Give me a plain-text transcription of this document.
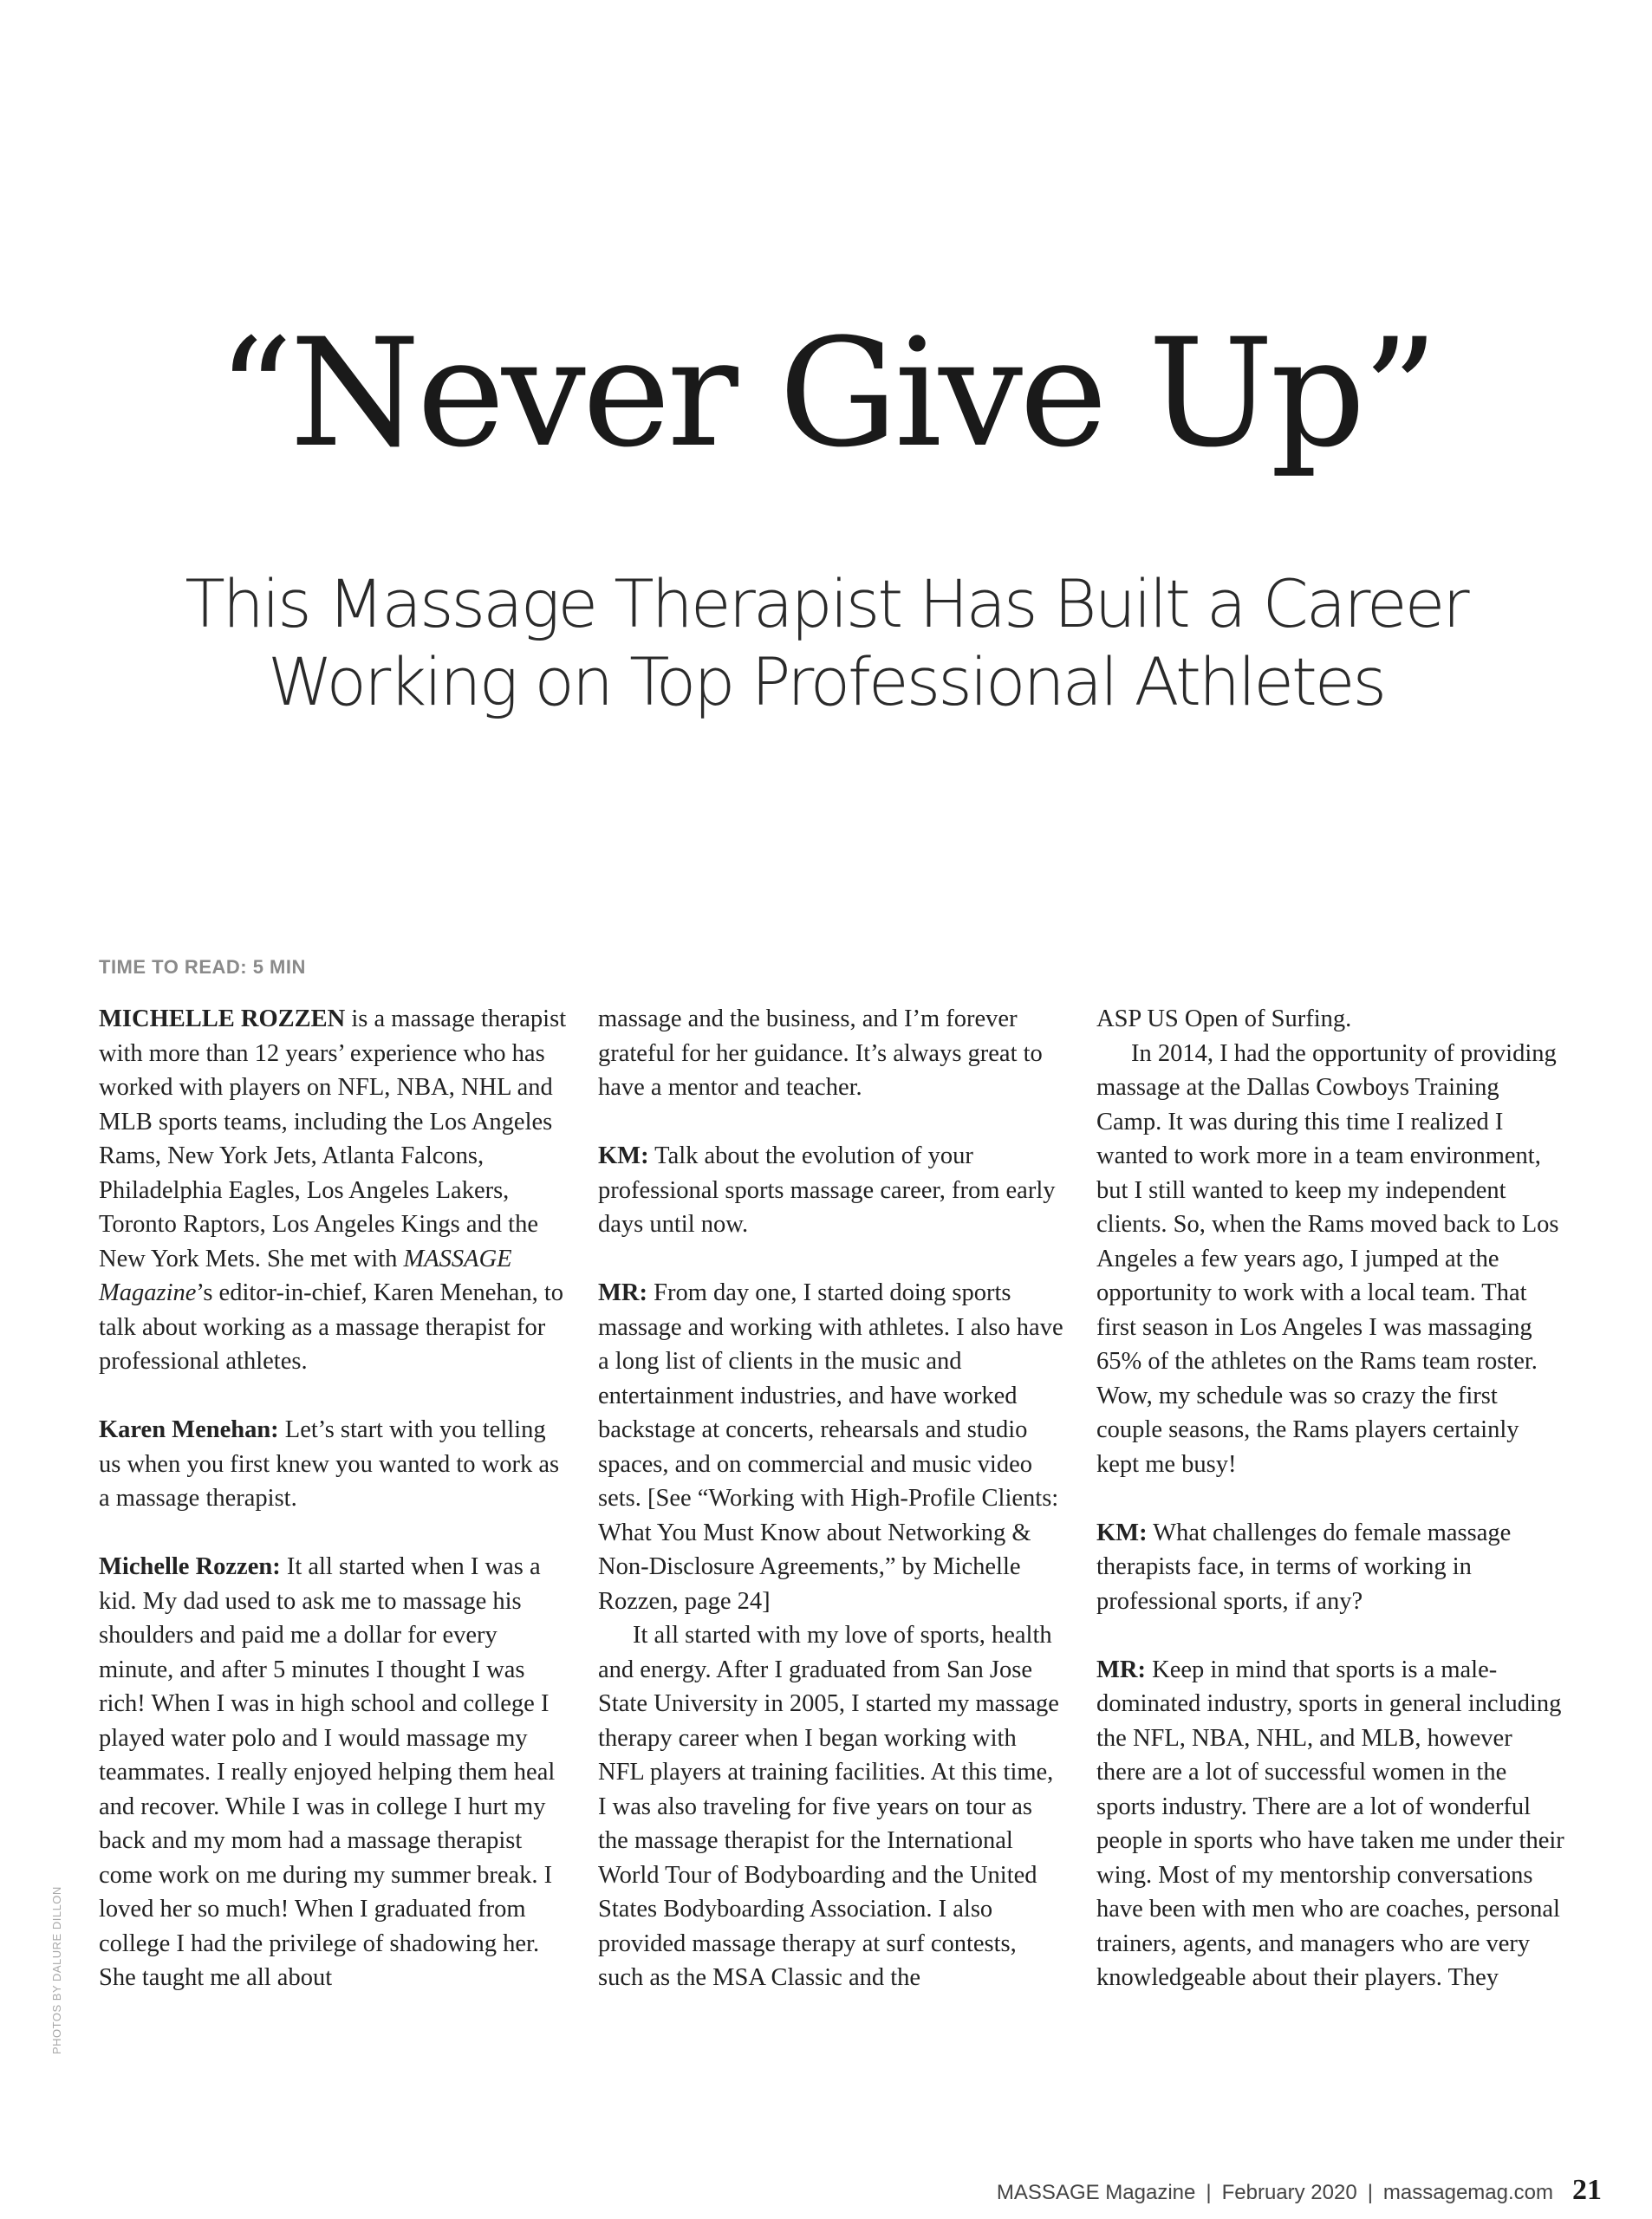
“Never Give Up”
This Massage Therapist Has Built a Career
Working on Top Professional Athletes
TIME TO READ: 5 MIN

MICHELLE ROZZEN is a massage therapist with more than 12 years’ experience who has worked with players on NFL, NBA, NHL and MLB sports teams, including the Los Angeles Rams, New York Jets, Atlanta Falcons, Philadelphia Eagles, Los Angeles Lakers, Toronto Raptors, Los Angeles Kings and the New York Mets. She met with MASSAGE Magazine’s editor-in-chief, Karen Menehan, to talk about working as a massage therapist for professional athletes.

Karen Menehan: Let’s start with you telling us when you first knew you wanted to work as a massage therapist.

Michelle Rozzen: It all started when I was a kid. My dad used to ask me to massage his shoulders and paid me a dollar for every minute, and after 5 minutes I thought I was rich! When I was in high school and college I played water polo and I would massage my teammates. I really enjoyed helping them heal and recover. While I was in college I hurt my back and my mom had a massage therapist come work on me during my summer break. I loved her so much! When I graduated from college I had the privilege of shadowing her. She taught me all about

massage and the business, and I’m forever grateful for her guidance. It’s always great to have a mentor and teacher.

KM: Talk about the evolution of your professional sports massage career, from early days until now.

MR: From day one, I started doing sports massage and working with athletes. I also have a long list of clients in the music and entertainment industries, and have worked backstage at concerts, rehearsals and studio spaces, and on commercial and music video sets. [See “Working with High-Profile Clients: What You Must Know about Networking & Non-Disclosure Agreements,” by Michelle Rozzen, page 24]

It all started with my love of sports, health and energy. After I graduated from San Jose State University in 2005, I started my massage therapy career when I began working with NFL players at training facilities. At this time, I was also traveling for five years on tour as the massage therapist for the International World Tour of Bodyboarding and the United States Bodyboarding Association. I also provided massage therapy at surf contests, such as the MSA Classic and the

ASP US Open of Surfing.

In 2014, I had the opportunity of providing massage at the Dallas Cowboys Training Camp. It was during this time I realized I wanted to work more in a team environment, but I still wanted to keep my independent clients. So, when the Rams moved back to Los Angeles a few years ago, I jumped at the opportunity to work with a local team. That first season in Los Angeles I was massaging 65% of the athletes on the Rams team roster. Wow, my schedule was so crazy the first couple seasons, the Rams players certainly kept me busy!

KM: What challenges do female massage therapists face, in terms of working in professional sports, if any?

MR: Keep in mind that sports is a male-dominated industry, sports in general including the NFL, NBA, NHL, and MLB, however there are a lot of successful women in the sports industry. There are a lot of wonderful people in sports who have taken me under their wing. Most of my mentorship conversations have been with men who are coaches, personal trainers, agents, and managers who are very knowledgeable about their players. They

PHOTOS BY DALURE DILLON
MASSAGE Magazine | February 2020 | massagemag.com 21
